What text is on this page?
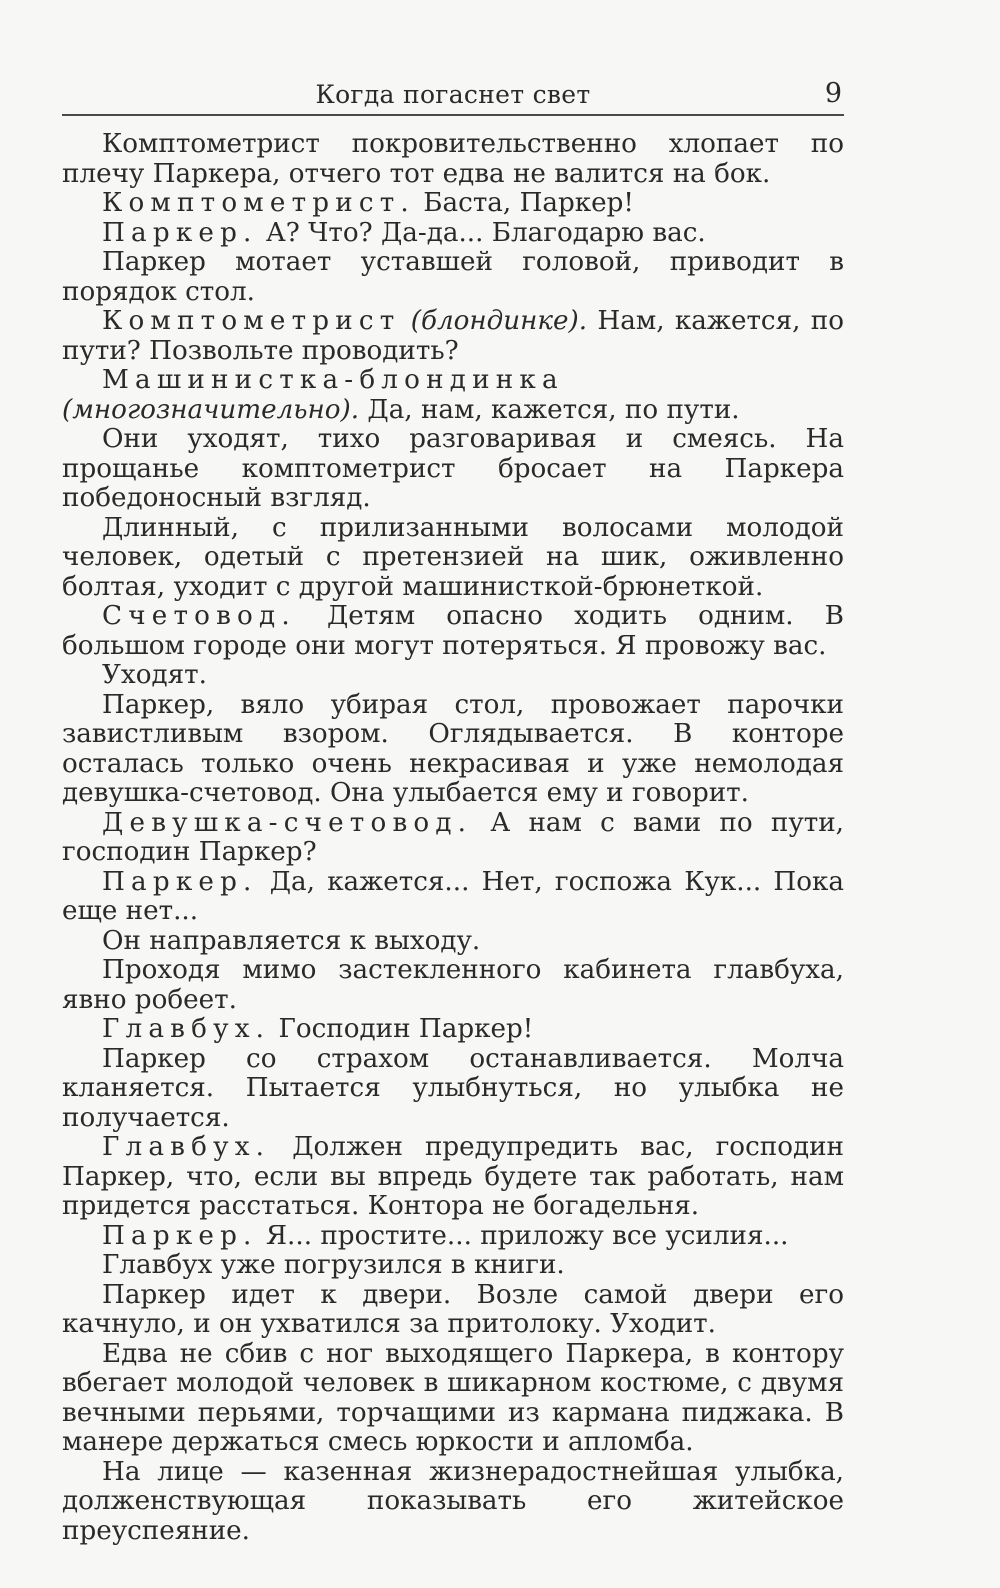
Когда погаснет свет	9

Комптометрист покровительственно хлопает по плечу Паркера, отчего тот едва не валится на бок.

Комптометрист. Баста, Паркер!

Паркер. А? Что? Да-да... Благодарю вас.

Паркер мотает уставшей головой, приводит в порядок стол.

Комптометрист (блондинке). Нам, кажется, по пути? Позвольте проводить?

Машинистка-блондинка (многозначительно). Да, нам, кажется, по пути.

Они уходят, тихо разговаривая и смеясь. На прощанье комптометрист бросает на Паркера победоносный взгляд.

Длинный, с прилизанными волосами молодой человек, одетый с претензией на шик, оживленно болтая, уходит с другой машинисткой-брюнеткой.

Счетовод. Детям опасно ходить одним. В большом городе они могут потеряться. Я провожу вас.

Уходят.

Паркер, вяло убирая стол, провожает парочки завистливым взором. Оглядывается. В конторе осталась только очень некрасивая и уже немолодая девушка-счетовод. Она улыбается ему и говорит.

Девушка-счетовод. А нам с вами по пути, господин Паркер?

Паркер. Да, кажется... Нет, госпожа Кук... Пока еще нет...

Он направляется к выходу.

Проходя мимо застекленного кабинета главбуха, явно робеет.

Главбух. Господин Паркер!

Паркер со страхом останавливается. Молча кланяется. Пытается улыбнуться, но улыбка не получается.

Главбух. Должен предупредить вас, господин Паркер, что, если вы впредь будете так работать, нам придется расстаться. Контора не богадельня.

Паркер. Я... простите... приложу все усилия...

Главбух уже погрузился в книги.

Паркер идет к двери. Возле самой двери его качнуло, и он ухватился за притолоку. Уходит.

Едва не сбив с ног выходящего Паркера, в контору вбегает молодой человек в шикарном костюме, с двумя вечными перьями, торчащими из кармана пиджака. В манере держаться смесь юркости и апломба.

На лице — казенная жизнерадостнейшая улыбка, долженствующая показывать его житейское преуспеяние.
